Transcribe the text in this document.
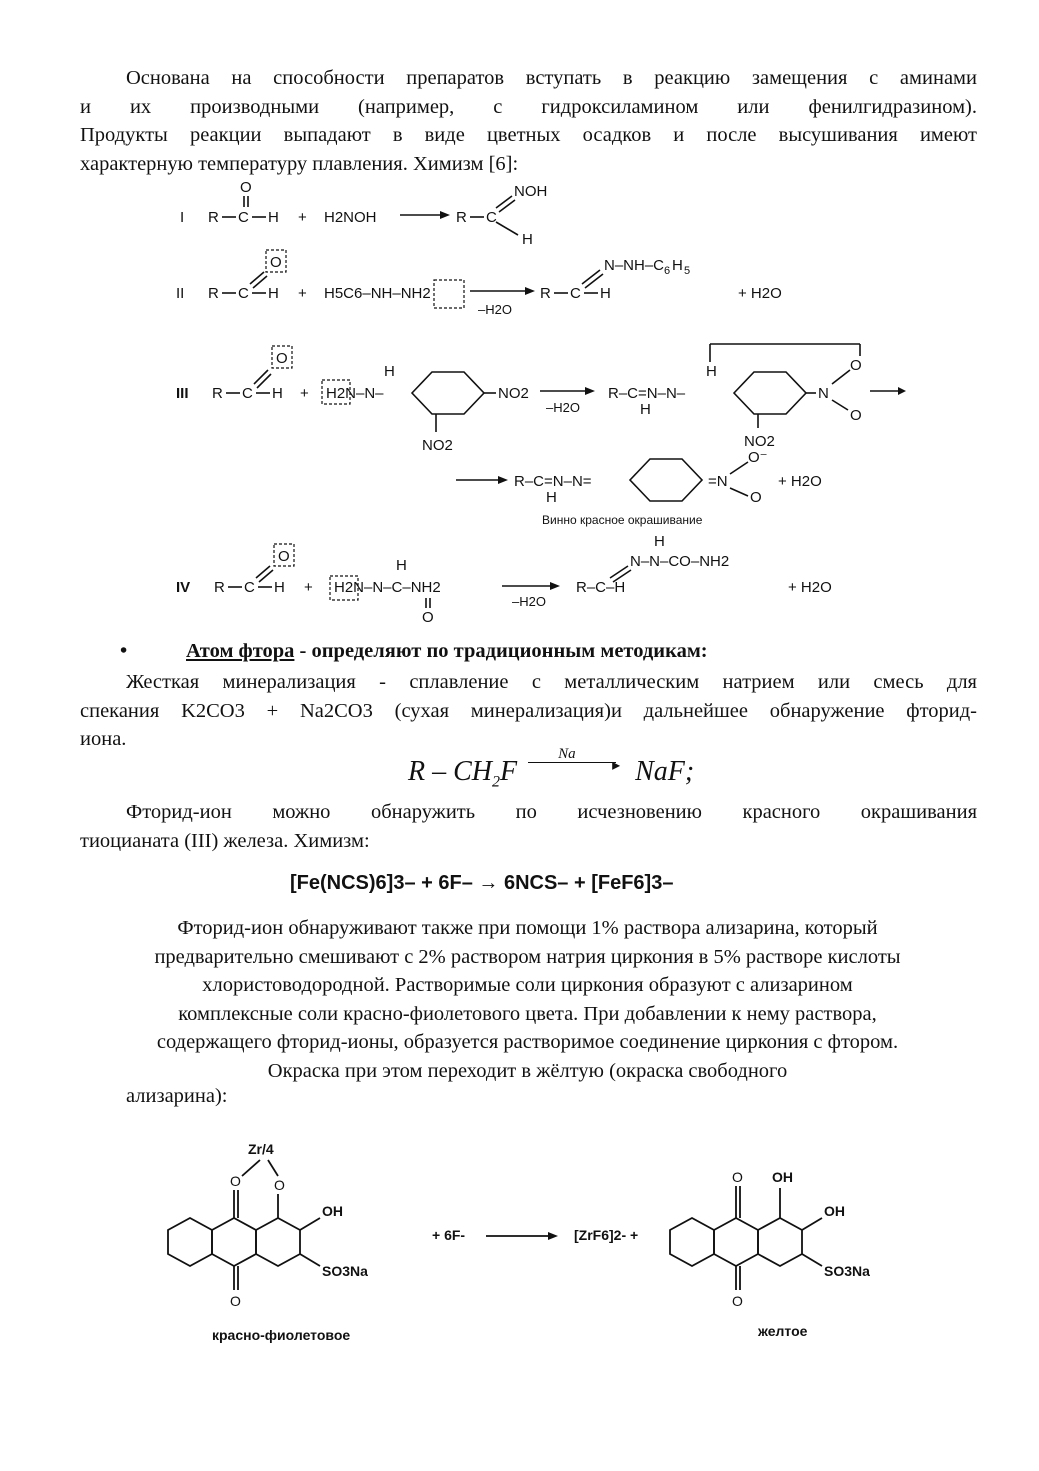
Основана на способности препаратов вступать в реакцию замещения с аминами
и их производными (например, с гидроксиламином или фенилгидразином).
Продукты реакции выпадают в виде цветных осадков и после высушивания имеют
характерную температуру плавления. Химизм [6]:

I R C
O
H + H2NOH	R C
NOH
H
II R C
O
H + H5C6–NH–NH2
–H2O
R C
N–NH–C 6 H 5
H	+ H2O
III R C
O
H + H2N–N–
H
NO2
NO2
–H2O
R–C=N–N–
H
H
N
O
O
NO2
R–C=N–N=
H
=N
O⁻
O
+ H2O
Винно красное окрашивание
IV R C
O
H + H2N–N–C–NH2
H
O
–H2O
R–C–H
N–N–CO–NH2
H
+ H2O
•	Атом фтора - определяют по традиционным методикам:

Жесткая минерализация - сплавление с металлическим натрием или смесь для
спекания K2CO3 + Na2CO3 (сухая минерализация)и дальнейшее обнаружение фторид-
иона.

R – $CH_2F$
Na
▸ NaF;

Фторид-ион можно обнаружить по исчезновению красного окрашивания
тиоцианата (III) железа. Химизм:

[Fe(NCS)6]3– + 6F– → 6NCS– + [FeF6]3–
Фторид-ион обнаруживают также при помощи 1% раствора ализарина, который
предварительно смешивают с 2% раствором натрия циркония в 5% растворе кислоты
хлористоводородной. Растворимые соли циркония образуют с ализарином
комплексные соли красно-фиолетового цвета. При добавлении к нему раствора,
содержащего фторид-ионы, образуется растворимое соединение циркония с фтором.
Окраска при этом переходит в жёлтую (окраска свободного
ализарина):
O
O
O
Zr/4
OH
SO3Na
красно-фиолетовое
+ 6F-	[ZrF6]2- +
O
O
OH
OH
SO3Na
желтое
